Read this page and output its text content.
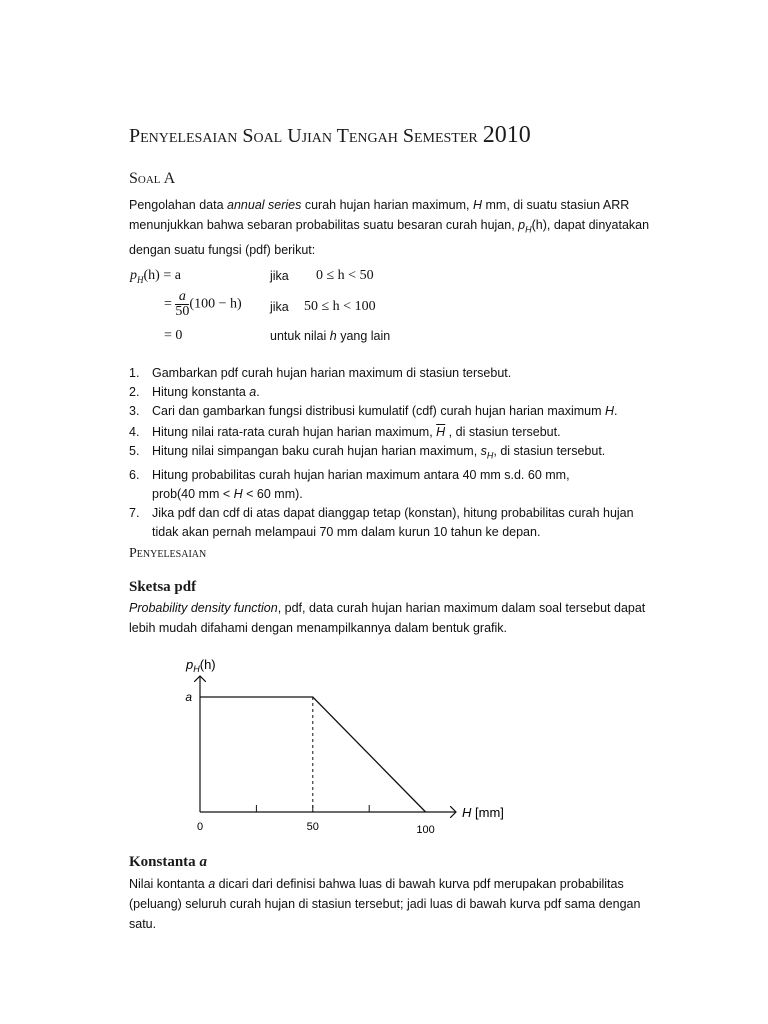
Penyelesaian Soal Ujian Tengah Semester 2010
Soal A
Pengolahan data annual series curah hujan harian maximum, H mm, di suatu stasiun ARR
menunjukkan bahwa sebaran probabilitas suatu besaran curah hujan, $p_H(h)$, dapat dinyatakan
dengan suatu fungsi (pdf) berikut:
$p_H(h) = a$	jika 0 ≤ h < 50
= $\frac{a}{50} (100 - h)$ jika 50 ≤ h < 100
= 0	untuk nilai h yang lain
1. Gambarkan pdf curah hujan harian maximum di stasiun tersebut.
2. Hitung konstanta a.
3. Cari dan gambarkan fungsi distribusi kumulatif (cdf) curah hujan harian maximum H.
4. Hitung nilai rata-rata curah hujan harian maximum, $\overline{H}$ , di stasiun tersebut.
5. Hitung nilai simpangan baku curah hujan harian maximum, $s_H$, di stasiun tersebut.
6. Hitung probabilitas curah hujan harian maximum antara 40 mm s.d. 60 mm,
prob(40 mm < H < 60 mm).
7. Jika pdf dan cdf di atas dapat dianggap tetap (konstan), hitung probabilitas curah hujan
tidak akan pernah melampaui 70 mm dalam kurun 10 tahun ke depan.
Penyelesaian
Sketsa pdf
Probability density function, pdf, data curah hujan harian maximum dalam soal tersebut dapat
lebih mudah difahami dengan menampilkannya dalam bentuk grafik.
a
$p_H(h)$
0	50	100
H [mm]
Konstanta a
Nilai kontanta a dicari dari definisi bahwa luas di bawah kurva pdf merupakan probabilitas
(peluang) seluruh curah hujan di stasiun tersebut; jadi luas di bawah kurva pdf sama dengan
satu.
